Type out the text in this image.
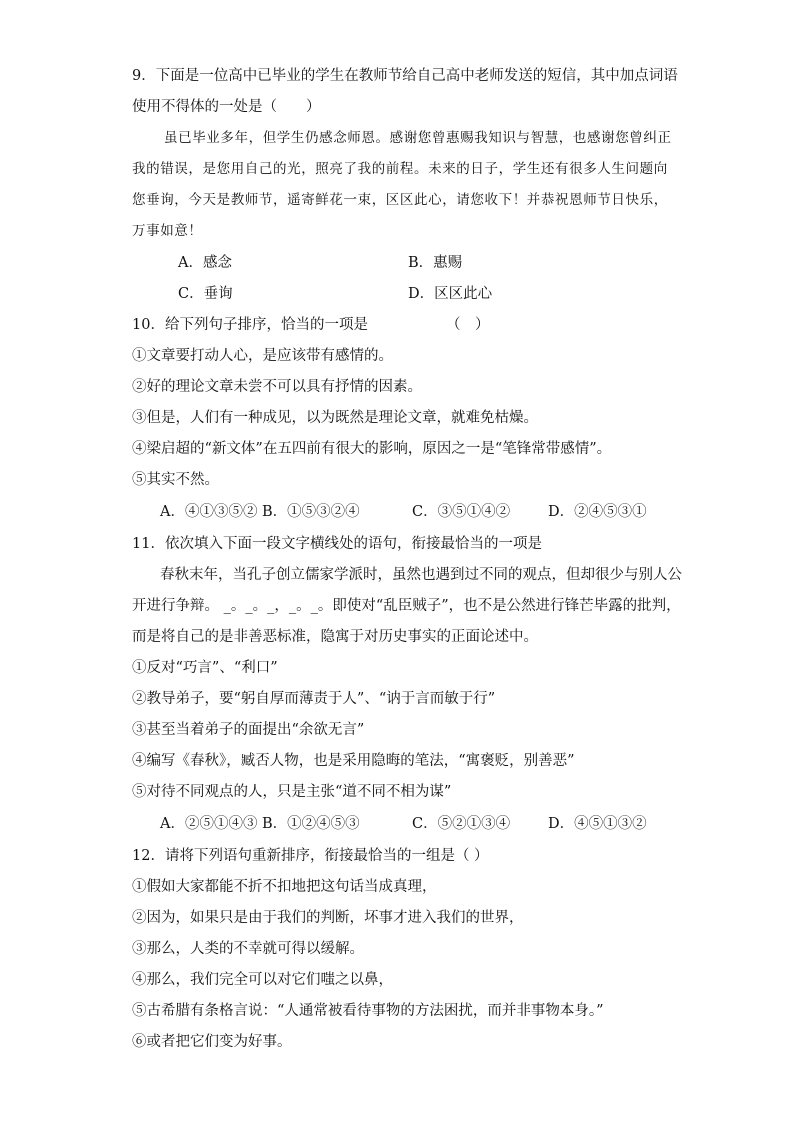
9．下面是一位高中已毕业的学生在教师节给自己高中老师发送的短信，其中加点词语
使用不得体的一处是（　　）
虽已毕业多年，但学生仍感念师恩。感谢您曾惠赐我知识与智慧，也感谢您曾纠正
我的错误，是您用自己的光，照亮了我的前程。未来的日子，学生还有很多人生问题向
您垂询，今天是教师节，遥寄鲜花一束，区区此心，请您收下！并恭祝恩师节日快乐，
万事如意！
A．感念	B．惠赐
C．垂询	D．区区此心
10．给下列句子排序，恰当的一项是	（　）
①文章要打动人心，是应该带有感情的。
②好的理论文章未尝不可以具有抒情的因素。
③但是，人们有一种成见，以为既然是理论文章，就难免枯燥。
④梁启超的“新文体”在五四前有很大的影响，原因之一是“笔锋常带感情”。
⑤其实不然。
A．④①③⑤② B．①⑤③②④	C．③⑤①④②	D．②④⑤③①
11．依次填入下面一段文字横线处的语句，衔接最恰当的一项是
春秋末年，当孔子创立儒家学派时，虽然也遇到过不同的观点，但却很少与别人公
开进行争辩。 _。_。_，_。_。即使对“乱臣贼子”，也不是公然进行锋芒毕露的批判，
而是将自己的是非善恶标准，隐寓于对历史事实的正面论述中。
①反对“巧言”、“利口”
②教导弟子，要“躬自厚而薄责于人”、“讷于言而敏于行”
③甚至当着弟子的面提出“余欲无言”
④编写《春秋》，臧否人物，也是采用隐晦的笔法，“寓褒贬，别善恶”
⑤对待不同观点的人，只是主张“道不同不相为谋”
A．②⑤①④③ B．①②④⑤③	C．⑤②①③④	D．④⑤①③②
12．请将下列语句重新排序，衔接最恰当的一组是（ ）
①假如大家都能不折不扣地把这句话当成真理，
②因为，如果只是由于我们的判断，坏事才进入我们的世界，
③那么，人类的不幸就可得以缓解。
④那么，我们完全可以对它们嗤之以鼻，
⑤古希腊有条格言说：“人通常被看待事物的方法困扰，而并非事物本身。”
⑥或者把它们变为好事。
